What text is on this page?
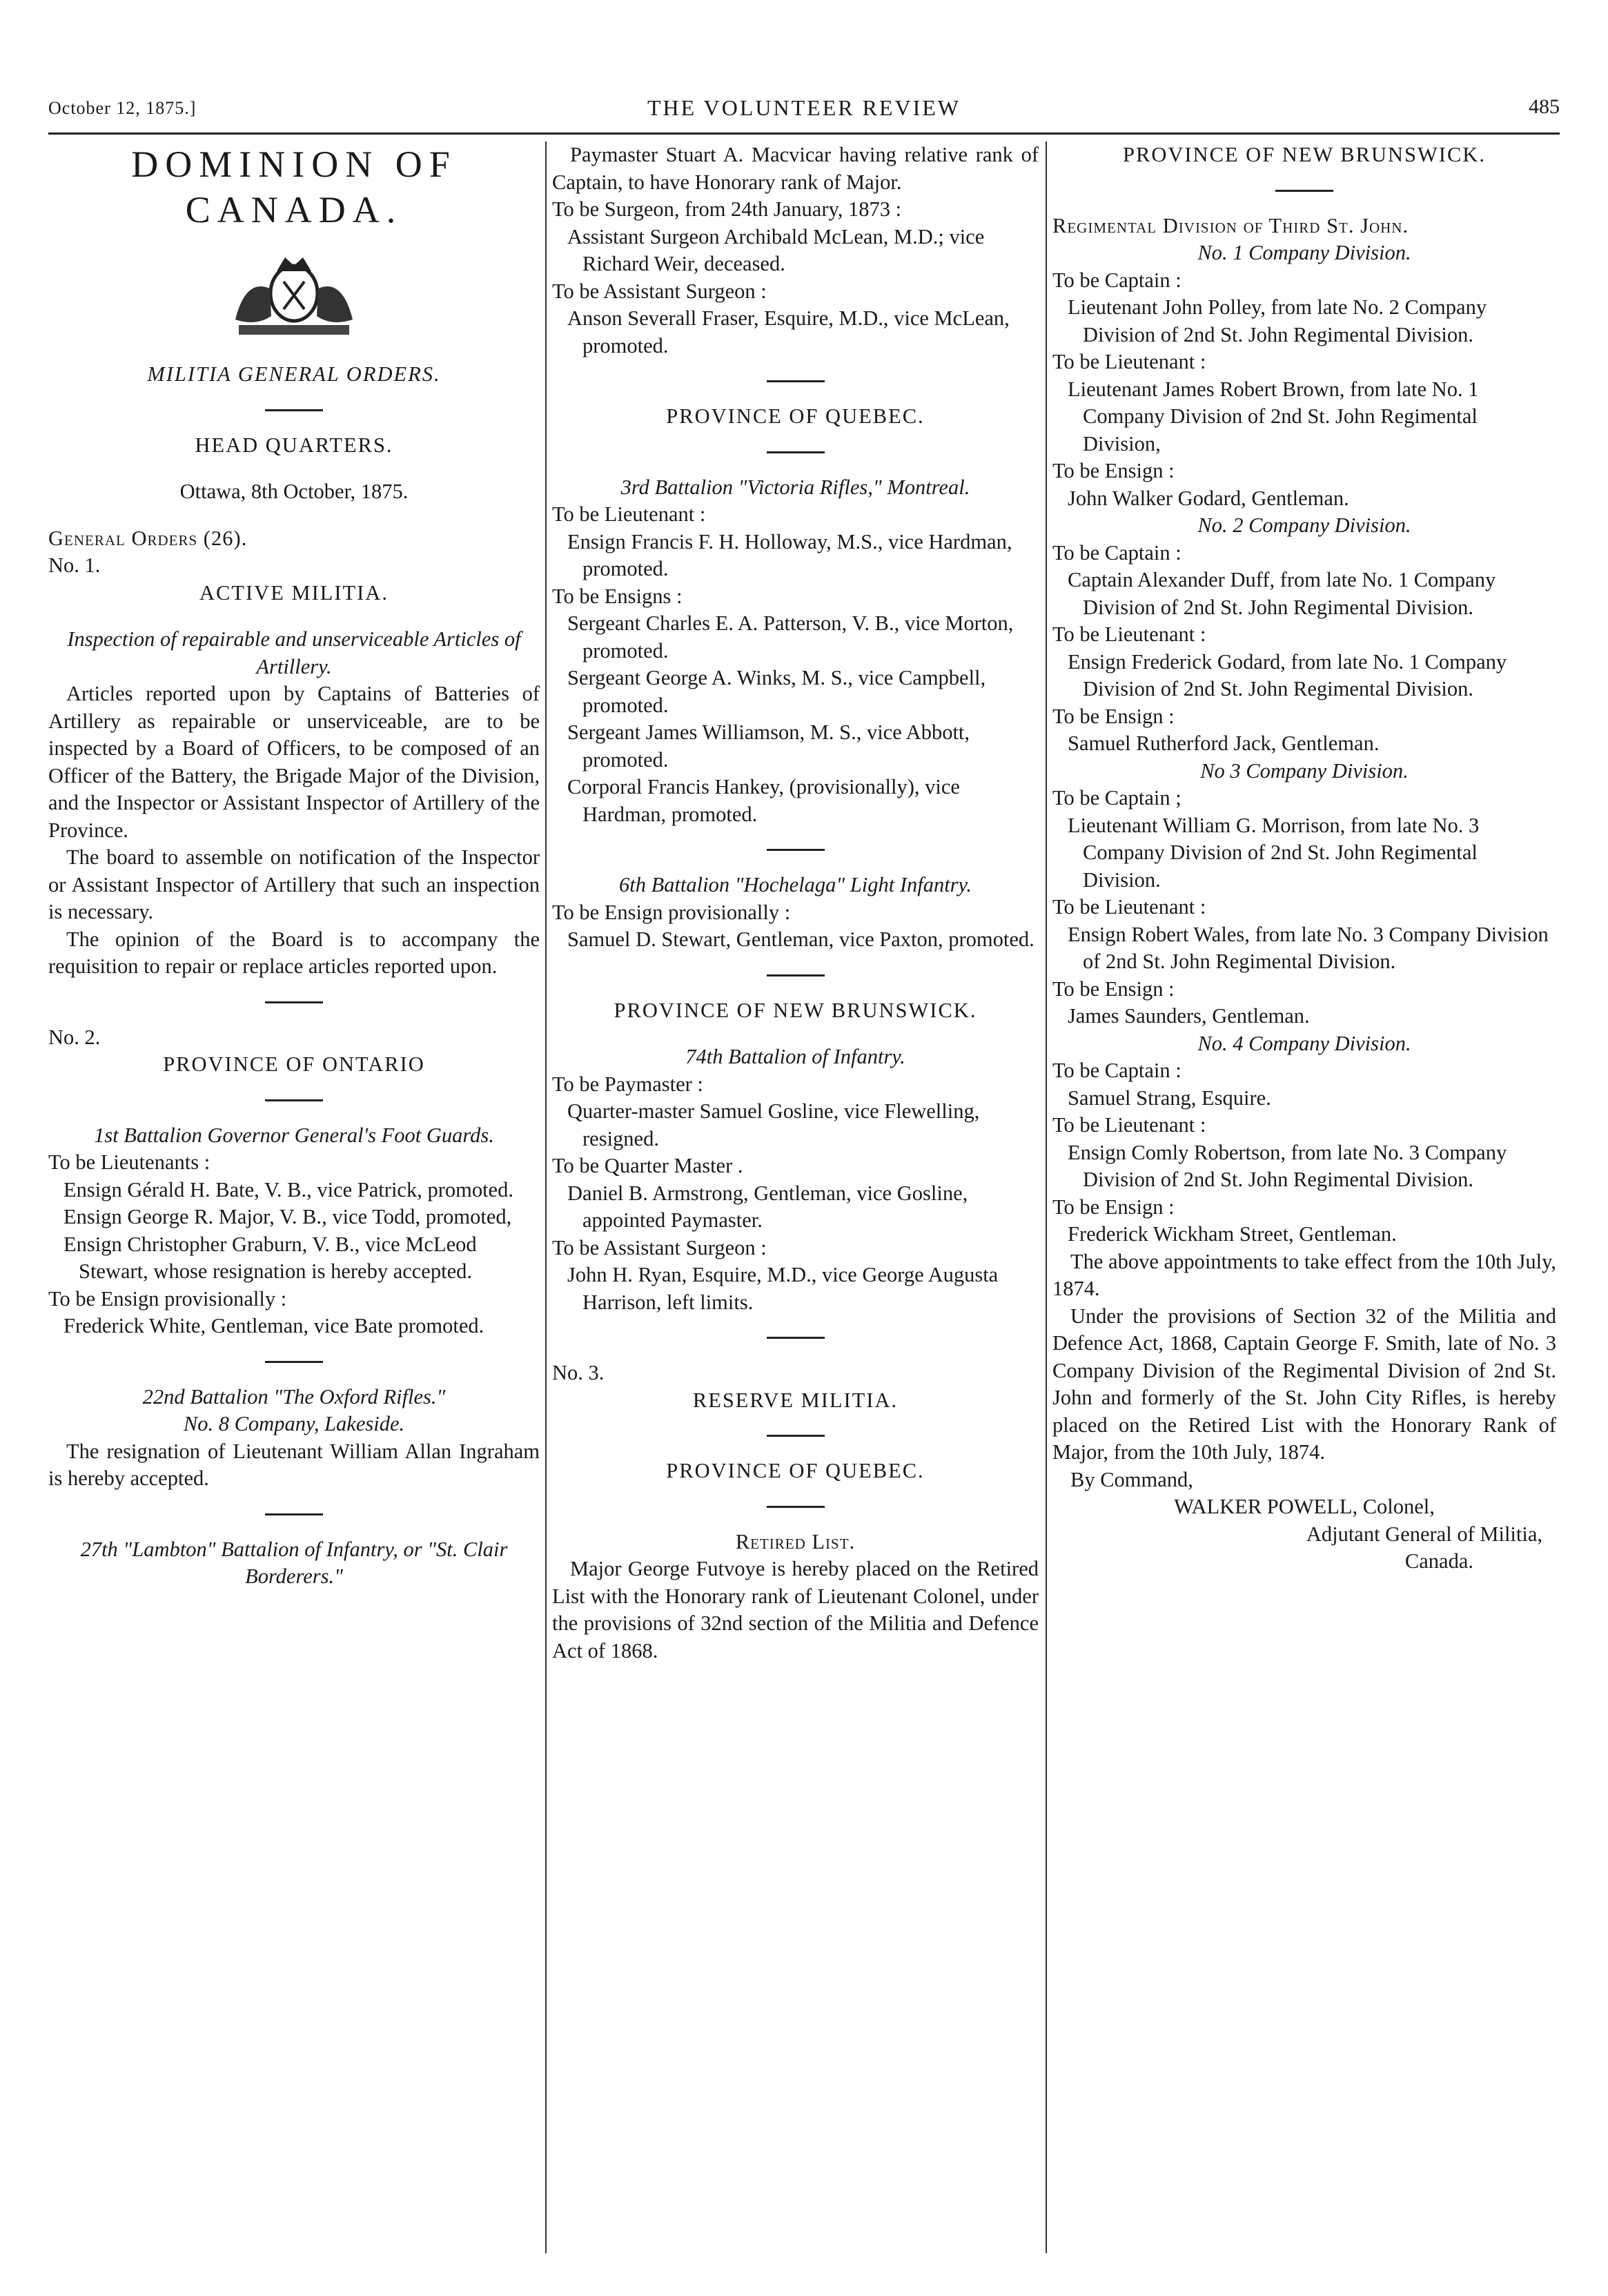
October 12, 1875.]	THE VOLUNTEER REVIEW	485
DOMINION OF CANADA.

MILITIA GENERAL ORDERS.

HEAD QUARTERS.

Ottawa, 8th October, 1875.

General Orders (26).

No. 1.

ACTIVE MILITIA.

Inspection of repairable and unserviceable Articles of Artillery.

Articles reported upon by Captains of Batteries of Artillery as repairable or unserviceable, are to be inspected by a Board of Officers, to be composed of an Officer of the Battery, the Brigade Major of the Division, and the Inspector or Assistant Inspector of Artillery of the Province.

The board to assemble on notification of the Inspector or Assistant Inspector of Artillery that such an inspection is necessary.

The opinion of the Board is to accompany the requisition to repair or replace articles reported upon.

No. 2.

PROVINCE OF ONTARIO

1st Battalion Governor General's Foot Guards.

To be Lieutenants :

Ensign Gérald H. Bate, V. B., vice Patrick, promoted.

Ensign George R. Major, V. B., vice Todd, promoted,

Ensign Christopher Graburn, V. B., vice McLeod Stewart, whose resignation is hereby accepted.

To be Ensign provisionally :

Frederick White, Gentleman, vice Bate promoted.

22nd Battalion "The Oxford Rifles."

No. 8 Company, Lakeside.

The resignation of Lieutenant William Allan Ingraham is hereby accepted.

27th "Lambton" Battalion of Infantry, or "St. Clair Borderers."

Paymaster Stuart A. Macvicar having relative rank of Captain, to have Honorary rank of Major.

To be Surgeon, from 24th January, 1873 :

Assistant Surgeon Archibald McLean, M.D.; vice Richard Weir, deceased.

To be Assistant Surgeon :

Anson Severall Fraser, Esquire, M.D., vice McLean, promoted.

PROVINCE OF QUEBEC.

3rd Battalion "Victoria Rifles," Montreal.

To be Lieutenant :

Ensign Francis F. H. Holloway, M.S., vice Hardman, promoted.

To be Ensigns :

Sergeant Charles E. A. Patterson, V. B., vice Morton, promoted.

Sergeant George A. Winks, M. S., vice Campbell, promoted.

Sergeant James Williamson, M. S., vice Abbott, promoted.

Corporal Francis Hankey, (provisionally), vice Hardman, promoted.

6th Battalion "Hochelaga" Light Infantry.

To be Ensign provisionally :

Samuel D. Stewart, Gentleman, vice Paxton, promoted.

PROVINCE OF NEW BRUNSWICK.

74th Battalion of Infantry.

To be Paymaster :

Quarter-master Samuel Gosline, vice Flewelling, resigned.

To be Quarter Master .

Daniel B. Armstrong, Gentleman, vice Gosline, appointed Paymaster.

To be Assistant Surgeon :

John H. Ryan, Esquire, M.D., vice George Augusta Harrison, left limits.

No. 3.

RESERVE MILITIA.

PROVINCE OF QUEBEC.

Retired List.

Major George Futvoye is hereby placed on the Retired List with the Honorary rank of Lieutenant Colonel, under the provisions of 32nd section of the Militia and Defence Act of 1868.

PROVINCE OF NEW BRUNSWICK.

Regimental Division of Third St. John.

No. 1 Company Division.

To be Captain :

Lieutenant John Polley, from late No. 2 Company Division of 2nd St. John Regimental Division.

To be Lieutenant :

Lieutenant James Robert Brown, from late No. 1 Company Division of 2nd St. John Regimental Division,

To be Ensign :

John Walker Godard, Gentleman.

No. 2 Company Division.

To be Captain :

Captain Alexander Duff, from late No. 1 Company Division of 2nd St. John Regimental Division.

To be Lieutenant :

Ensign Frederick Godard, from late No. 1 Company Division of 2nd St. John Regimental Division.

To be Ensign :

Samuel Rutherford Jack, Gentleman.

No 3 Company Division.

To be Captain ;

Lieutenant William G. Morrison, from late No. 3 Company Division of 2nd St. John Regimental Division.

To be Lieutenant :

Ensign Robert Wales, from late No. 3 Company Division of 2nd St. John Regimental Division.

To be Ensign :

James Saunders, Gentleman.

No. 4 Company Division.

To be Captain :

Samuel Strang, Esquire.

To be Lieutenant :

Ensign Comly Robertson, from late No. 3 Company Division of 2nd St. John Regimental Division.

To be Ensign :

Frederick Wickham Street, Gentleman.

The above appointments to take effect from the 10th July, 1874.

Under the provisions of Section 32 of the Militia and Defence Act, 1868, Captain George F. Smith, late of No. 3 Company Division of the Regimental Division of 2nd St. John and formerly of the St. John City Rifles, is hereby placed on the Retired List with the Honorary Rank of Major, from the 10th July, 1874.

By Command,

WALKER POWELL, Colonel,

Adjutant General of Militia,

Canada.
